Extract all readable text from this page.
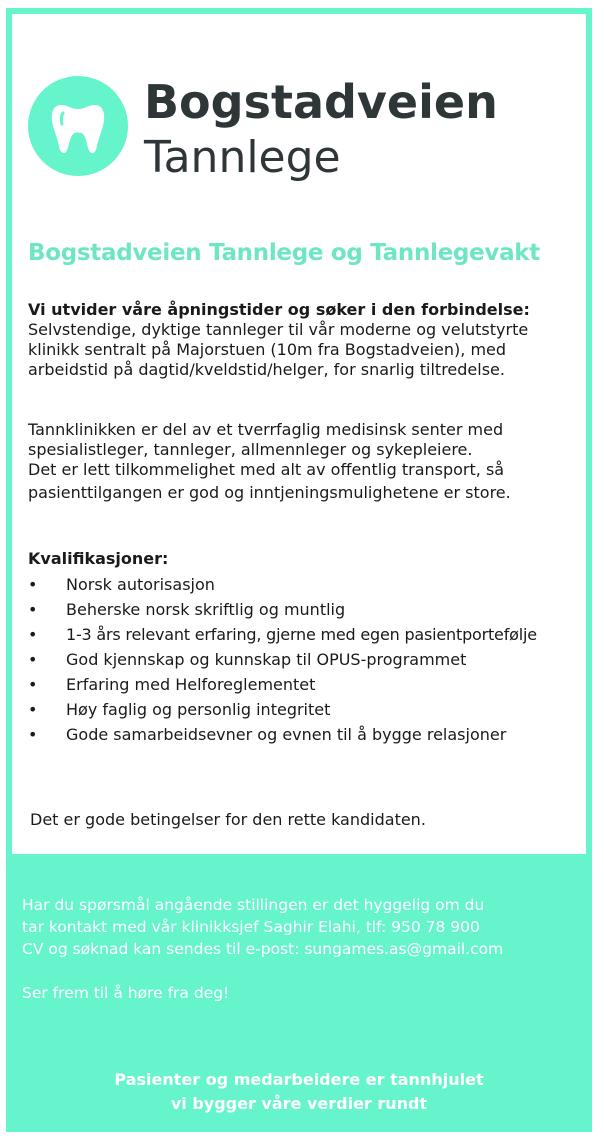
Bogstadveien
Tannlege
Bogstadveien Tannlege og Tannlegevakt

Vi utvider våre åpningstider og søker i den forbindelse:

Selvstendige, dyktige tannleger til vår moderne og velutstyrte

klinikk sentralt på Majorstuen (10m fra Bogstadveien), med

arbeidstid på dagtid/kveldstid/helger, for snarlig tiltredelse.

Tannklinikken er del av et tverrfaglig medisinsk senter med

spesialistleger, tannleger, allmennleger og sykepleiere.

Det er lett tilkommelighet med alt av offentlig transport, så

pasienttilgangen er god og inntjeningsmulighetene er store.

Kvalifikasjoner:
• Norsk autorisasjon
• Beherske norsk skriftlig og muntlig
• 1-3 års relevant erfaring, gjerne med egen pasientportefølje
• God kjennskap og kunnskap til OPUS-programmet
• Erfaring med Helforeglementet
• Høy faglig og personlig integritet
• Gode samarbeidsevner og evnen til å bygge relasjoner
Det er gode betingelser for den rette kandidaten.

Har du spørsmål angående stillingen er det hyggelig om du

tar kontakt med vår klinikksjef Saghir Elahi, tlf: 950 78 900

CV og søknad kan sendes til e-post: sungames.as@gmail.com

Ser frem til å høre fra deg!

Pasienter og medarbeidere er tannhjulet
vi bygger våre verdier rundt
